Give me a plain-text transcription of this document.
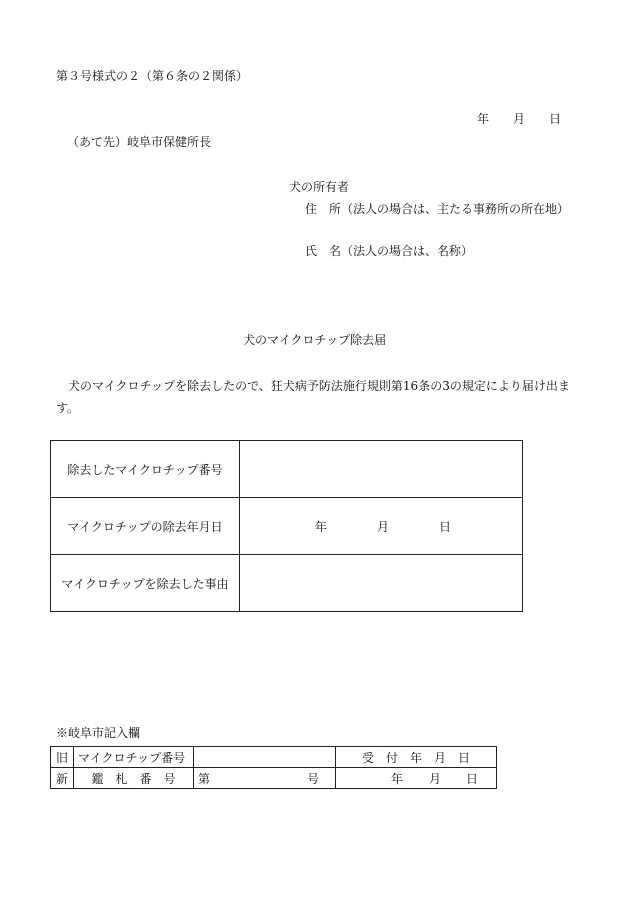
第３号様式の２（第６条の２関係）
年 月 日
（あて先）岐阜市保健所長
犬の所有者
住　所（法人の場合は、主たる事務所の所在地）
氏　名（法人の場合は、名称）
犬のマイクロチップ除去届
犬のマイクロチップを除去したので、狂犬病予防法施行規則第16条の3の規定により届け出ます。
除去したマイクロチップ番号	
マイクロチップの除去年月日	年 月 日

マイクロチップを除去した事由	
※岐阜市記入欄
旧	マイクロチップ番号		受　付　年　月　日
新	鑑　札　番　号	第 号	年 月 日
